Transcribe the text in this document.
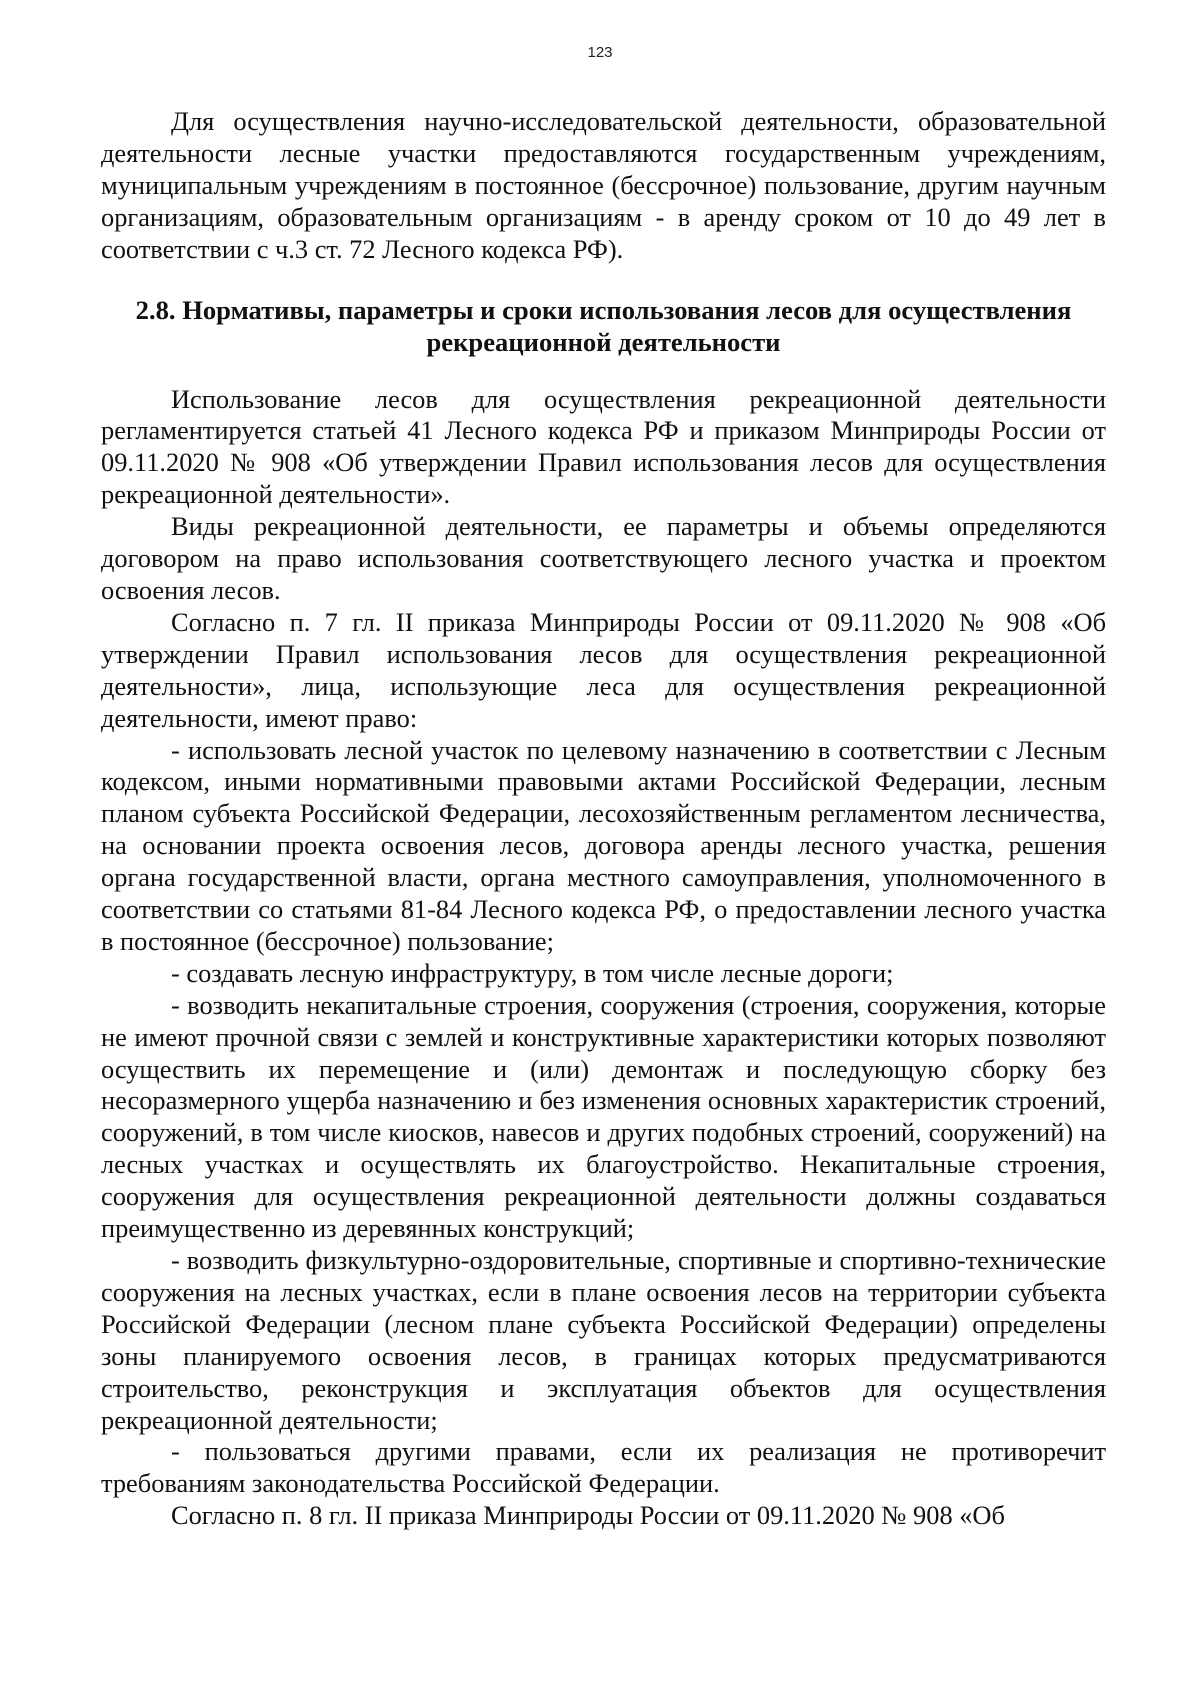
123

Для осуществления научно-исследовательской деятельности, образовательной деятельности лесные участки предоставляются государственным учреждениям, муниципальным учреждениям в постоянное (бессрочное) пользование, другим научным организациям, образовательным организациям - в аренду сроком от 10 до 49 лет в соответствии с ч.3 ст. 72 Лесного кодекса РФ).

2.8. Нормативы, параметры и сроки использования лесов для осуществления рекреационной деятельности

Использование лесов для осуществления рекреационной деятельности регламентируется статьей 41 Лесного кодекса РФ и приказом Минприроды России от 09.11.2020 № 908 «Об утверждении Правил использования лесов для осуществления рекреационной деятельности».

Виды рекреационной деятельности, ее параметры и объемы определяются договором на право использования соответствующего лесного участка и проектом освоения лесов.

Согласно п. 7 гл. II приказа Минприроды России от 09.11.2020 № 908 «Об утверждении Правил использования лесов для осуществления рекреационной деятельности», лица, использующие леса для осуществления рекреационной деятельности, имеют право:

- использовать лесной участок по целевому назначению в соответствии с Лесным кодексом, иными нормативными правовыми актами Российской Федерации, лесным планом субъекта Российской Федерации, лесохозяйственным регламентом лесничества, на основании проекта освоения лесов, договора аренды лесного участка, решения органа государственной власти, органа местного самоуправления, уполномоченного в соответствии со статьями 81-84 Лесного кодекса РФ, о предоставлении лесного участка в постоянное (бессрочное) пользование;

- создавать лесную инфраструктуру, в том числе лесные дороги;

- возводить некапитальные строения, сооружения (строения, сооружения, которые не имеют прочной связи с землей и конструктивные характеристики которых позволяют осуществить их перемещение и (или) демонтаж и последующую сборку без несоразмерного ущерба назначению и без изменения основных характеристик строений, сооружений, в том числе киосков, навесов и других подобных строений, сооружений) на лесных участках и осуществлять их благоустройство. Некапитальные строения, сооружения для осуществления рекреационной деятельности должны создаваться преимущественно из деревянных конструкций;

- возводить физкультурно-оздоровительные, спортивные и спортивно-технические сооружения на лесных участках, если в плане освоения лесов на территории субъекта Российской Федерации (лесном плане субъекта Российской Федерации) определены зоны планируемого освоения лесов, в границах которых предусматриваются строительство, реконструкция и эксплуатация объектов для осуществления рекреационной деятельности;

- пользоваться другими правами, если их реализация не противоречит требованиям законодательства Российской Федерации.

Согласно п. 8 гл. II приказа Минприроды России от 09.11.2020 № 908 «Об
